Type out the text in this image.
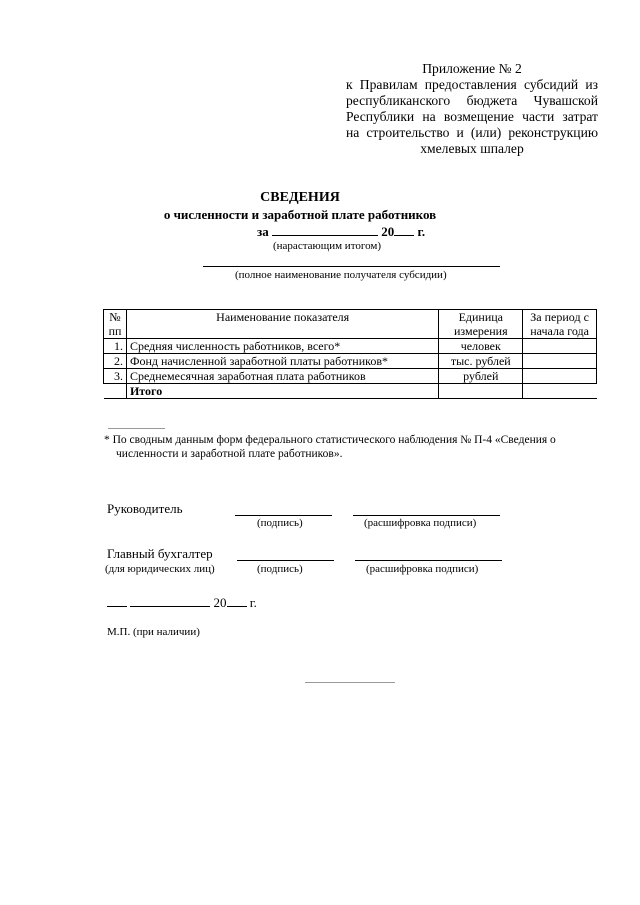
Приложение № 2
к Правилам предоставления субсидий из
республиканского бюджета Чувашской
Республики на возмещение части затрат
на строительство и (или) реконструкцию
хмелевых шпалер
СВЕДЕНИЯ
о численности и заработной плате работников
за	20 г.
(нарастающим итогом)
(полное наименование получателя субсидии)
№	Наименование показателя	Единица	За период с
пп		измерения	начала года
1.	Средняя численность работников, всего*	человек	
2.	Фонд начисленной заработной платы работников*	тыс. рублей	
3.	Среднемесячная заработная плата работников	рублей	
	Итого		
* По сводным данным форм федерального статистического наблюдения № П-4 «Сведения о
численности и заработной плате работников».
Руководитель
(подпись)	(расшифровка подписи)
Главный бухгалтер
(для юридических лиц)	(подпись)	(расшифровка подписи)
20 г.
М.П. (при наличии)
